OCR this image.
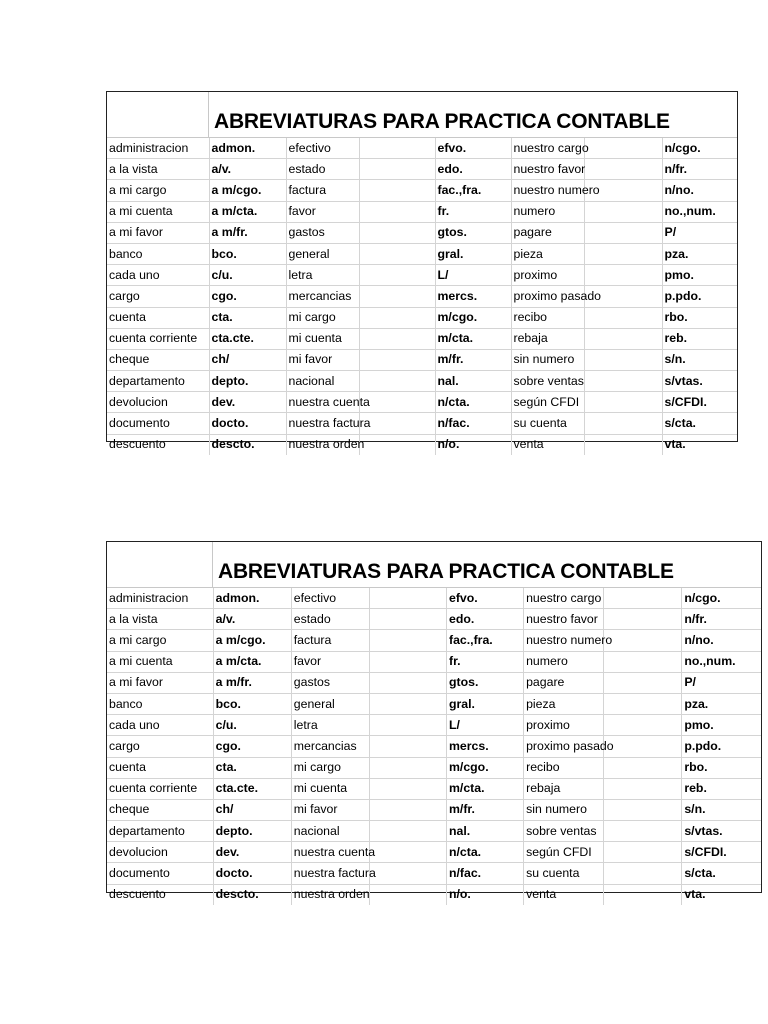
ABREVIATURAS PARA PRACTICA CONTABLE
administracion	admon.	efectivo		efvo.	nuestro cargo		n/cgo.
a la vista	a/v.	estado		edo.	nuestro favor		n/fr.
a mi cargo	a m/cgo.	factura		fac.,fra.	nuestro numero		n/no.
a mi cuenta	a m/cta.	favor		fr.	numero		no.,num.
a mi favor	a m/fr.	gastos		gtos.	pagare		P/
banco	bco.	general		gral.	pieza		pza.
cada uno	c/u.	letra		L/	proximo		pmo.
cargo	cgo.	mercancias		mercs.	proximo pasado		p.pdo.
cuenta	cta.	mi cargo		m/cgo.	recibo		rbo.
cuenta corriente	cta.cte.	mi cuenta		m/cta.	rebaja		reb.
cheque	ch/	mi favor		m/fr.	sin numero		s/n.
departamento	depto.	nacional		nal.	sobre ventas		s/vtas.
devolucion	dev.	nuestra cuenta		n/cta.	según CFDI		s/CFDI.
documento	docto.	nuestra factura		n/fac.	su cuenta		s/cta.
descuento	descto.	nuestra orden		n/o.	venta		vta.
ABREVIATURAS PARA PRACTICA CONTABLE
administracion	admon.	efectivo		efvo.	nuestro cargo		n/cgo.
a la vista	a/v.	estado		edo.	nuestro favor		n/fr.
a mi cargo	a m/cgo.	factura		fac.,fra.	nuestro numero		n/no.
a mi cuenta	a m/cta.	favor		fr.	numero		no.,num.
a mi favor	a m/fr.	gastos		gtos.	pagare		P/
banco	bco.	general		gral.	pieza		pza.
cada uno	c/u.	letra		L/	proximo		pmo.
cargo	cgo.	mercancias		mercs.	proximo pasado		p.pdo.
cuenta	cta.	mi cargo		m/cgo.	recibo		rbo.
cuenta corriente	cta.cte.	mi cuenta		m/cta.	rebaja		reb.
cheque	ch/	mi favor		m/fr.	sin numero		s/n.
departamento	depto.	nacional		nal.	sobre ventas		s/vtas.
devolucion	dev.	nuestra cuenta		n/cta.	según CFDI		s/CFDI.
documento	docto.	nuestra factura		n/fac.	su cuenta		s/cta.
descuento	descto.	nuestra orden		n/o.	venta		vta.
